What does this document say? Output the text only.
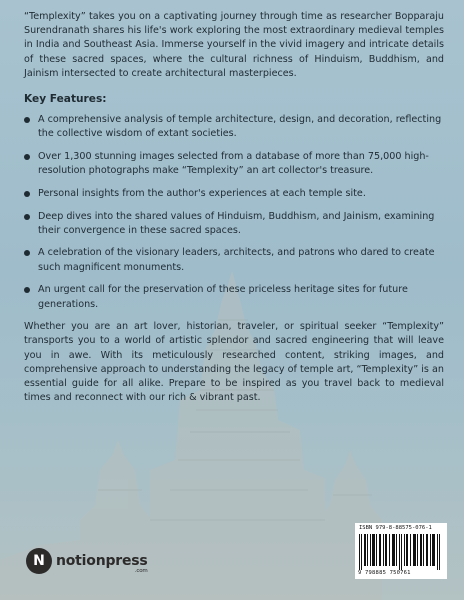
“Templexity” takes you on a captivating journey through time as researcher Bopparaju Surendranath shares his life's work exploring the most extraordinary medieval temples in India and Southeast Asia. Immerse yourself in the vivid imagery and intricate details of these sacred spaces, where the cultural richness of Hinduism, Buddhism, and Jainism intersected to create architectural masterpieces.

Key Features:
A comprehensive analysis of temple architecture, design, and decoration, reflecting the collective wisdom of extant societies.
Over 1,300 stunning images selected from a database of more than 75,000 high-resolution photographs make “Templexity” an art collector's treasure.
Personal insights from the author's experiences at each temple site.
Deep dives into the shared values of Hinduism, Buddhism, and Jainism, examining their convergence in these sacred spaces.
A celebration of the visionary leaders, architects, and patrons who dared to create such magnificent monuments.
An urgent call for the preservation of these priceless heritage sites for future generations.

Whether you are an art lover, historian, traveler, or spiritual seeker “Templexity” transports you to a world of artistic splendor and sacred engineering that will leave you in awe. With its meticulously researched content, striking images, and comprehensive approach to understanding the legacy of temple art, “Templexity” is an essential guide for all alike. Prepare to be inspired as you travel back to medieval times and reconnect with our rich & vibrant past.

N notionpress
.com
ISBN 979-8-88575-076-1
9 798885 750761
